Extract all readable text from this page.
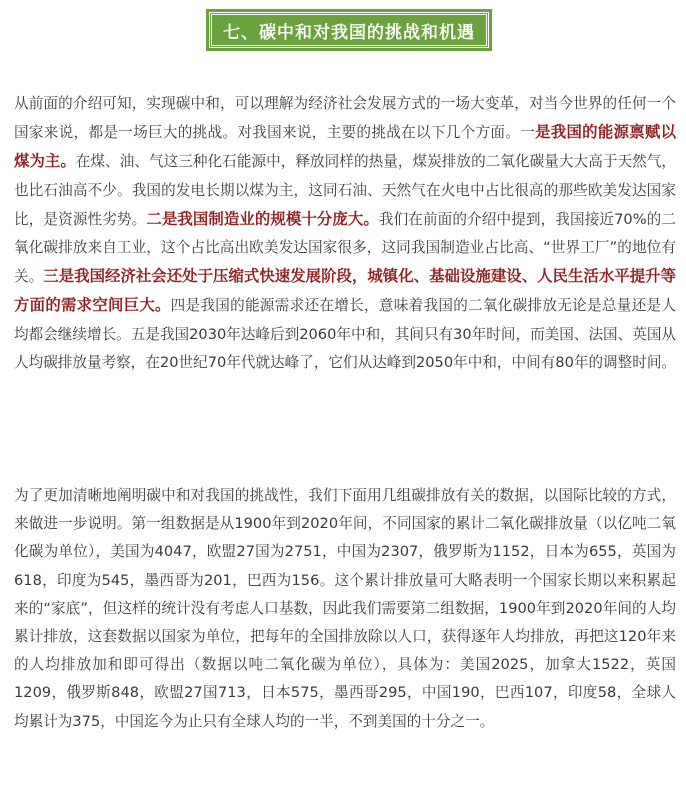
七、碳中和对我国的挑战和机遇

从前面的介绍可知，实现碳中和，可以理解为经济社会发展方式的一场大变革，对当今世界的任何一个国家来说，都是一场巨大的挑战。对我国来说，主要的挑战在以下几个方面。一是我国的能源禀赋以煤为主。在煤、油、气这三种化石能源中，释放同样的热量，煤炭排放的二氧化碳量大大高于天然气，也比石油高不少。我国的发电长期以煤为主，这同石油、天然气在火电中占比很高的那些欧美发达国家比，是资源性劣势。二是我国制造业的规模十分庞大。我们在前面的介绍中提到，我国接近70%的二氧化碳排放来自工业，这个占比高出欧美发达国家很多，这同我国制造业占比高、“世界工厂”的地位有关。三是我国经济社会还处于压缩式快速发展阶段，城镇化、基础设施建设、人民生活水平提升等方面的需求空间巨大。四是我国的能源需求还在增长，意味着我国的二氧化碳排放无论是总量还是人均都会继续增长。五是我国2030年达峰后到2060年中和，其间只有30年时间，而美国、法国、英国从人均碳排放量考察，在20世纪70年代就达峰了，它们从达峰到2050年中和，中间有80年的调整时间。

为了更加清晰地阐明碳中和对我国的挑战性，我们下面用几组碳排放有关的数据，以国际比较的方式，来做进一步说明。第一组数据是从1900年到2020年间，不同国家的累计二氧化碳排放量（以亿吨二氧化碳为单位），美国为4047，欧盟27国为2751，中国为2307，俄罗斯为1152，日本为655，英国为618，印度为545，墨西哥为201，巴西为156。这个累计排放量可大略表明一个国家长期以来积累起来的“家底”，但这样的统计没有考虑人口基数，因此我们需要第二组数据，1900年到2020年间的人均累计排放，这套数据以国家为单位，把每年的全国排放除以人口，获得逐年人均排放，再把这120年来的人均排放加和即可得出（数据以吨二氧化碳为单位），具体为：美国2025，加拿大1522，英国1209，俄罗斯848，欧盟27国713，日本575，墨西哥295，中国190，巴西107，印度58，全球人均累计为375，中国迄今为止只有全球人均的一半，不到美国的十分之一。
